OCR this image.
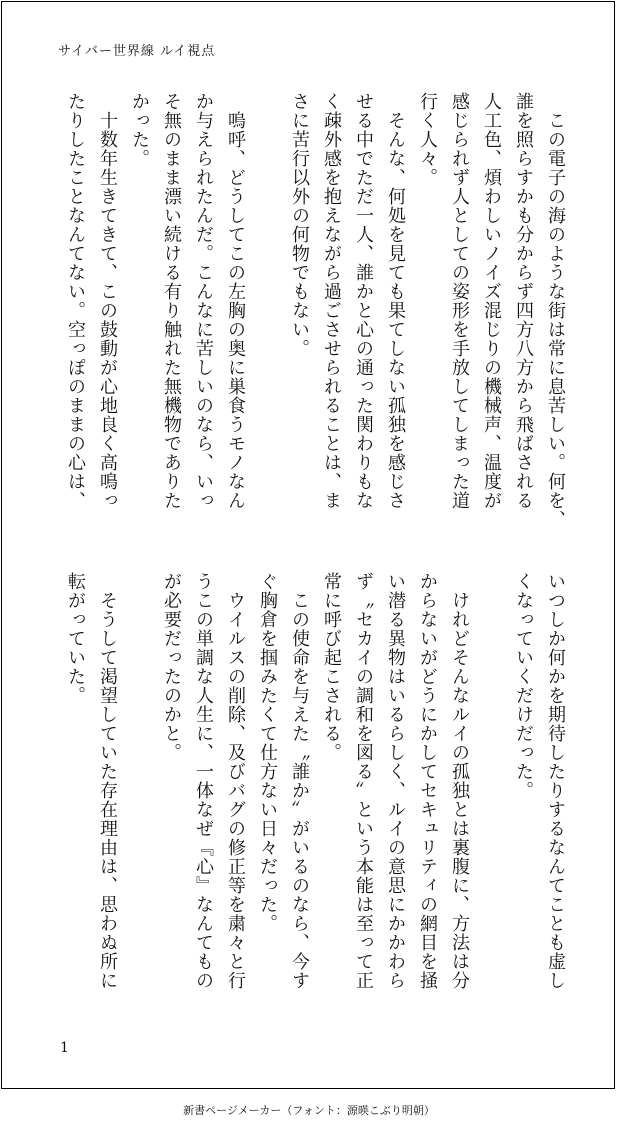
サイバー世界線 ルイ視点
　この電子の海のような街は常に息苦しい。何を、
誰を照らすかも分からず四方八方から飛ばされる
人工色、煩わしいノイズ混じりの機械声、温度が
感じられず人としての姿形を手放してしまった道
行く人々。
　そんな、何処を見ても果てしない孤独を感じさ
せる中でただ一人、誰かと心の通った関わりもな
く疎外感を抱えながら過ごさせられることは、ま
さに苦行以外の何物でもない。
　嗚呼、どうしてこの左胸の奥に巣食うモノなん
か与えられたんだ。こんなに苦しいのなら、いっ
そ無のまま漂い続ける有り触れた無機物でありた
かった。
　十数年生きてきて、この鼓動が心地良く高鳴っ
たりしたことなんてない。空っぽのままの心は、
いつしか何かを期待したりするなんてことも虚し
くなっていくだけだった。
　けれどそんなルイの孤独とは裏腹に、方法は分
からないがどうにかしてセキュリティの網目を掻
い潜る異物はいるらしく、ルイの意思にかかわら
ず〝セカイの調和を図る〟という本能は至って正
常に呼び起こされる。
　この使命を与えた〝誰か〟がいるのなら、今す
ぐ胸倉を掴みたくて仕方ない日々だった。
　ウイルスの削除、及びバグの修正等を粛々と行
うこの単調な人生に、一体なぜ『心』なんてもの
が必要だったのかと。
　そうして渇望していた存在理由は、思わぬ所に
転がっていた。
1
新書ページメーカー（フォント：源暎こぶり明朝）
